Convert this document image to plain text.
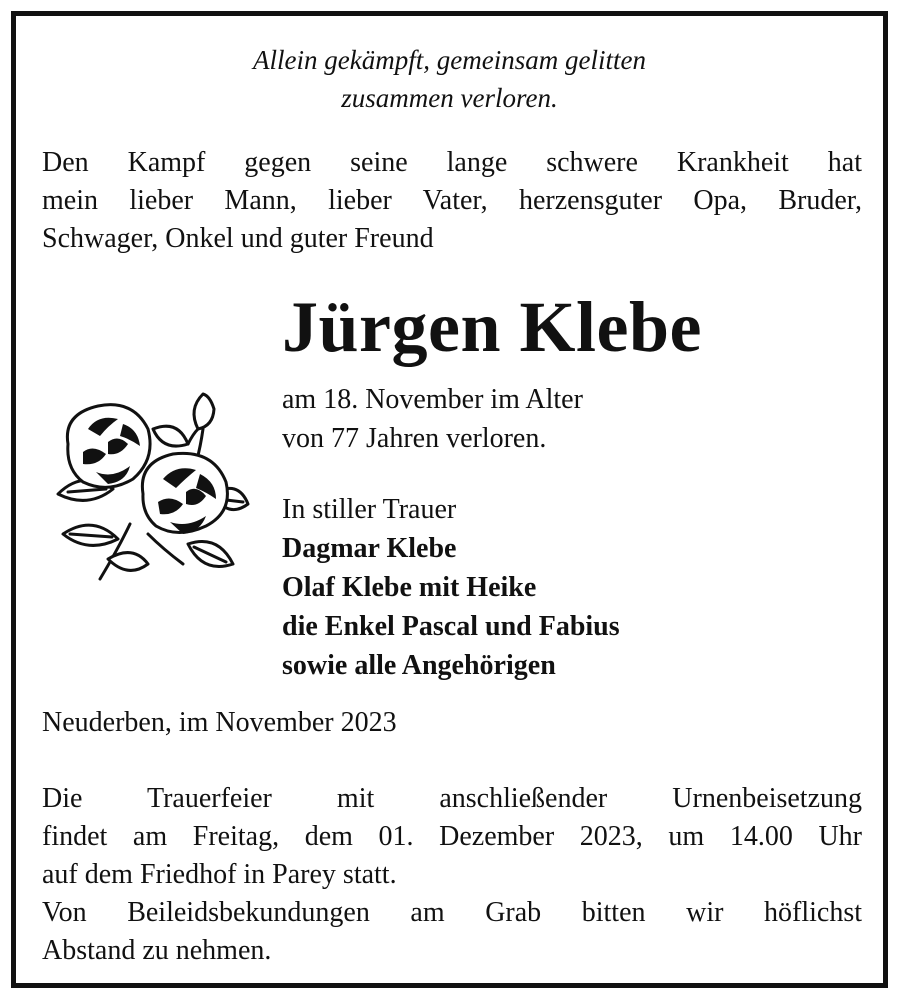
Allein gekämpft, gemeinsam gelitten
zusammen verloren.
Den Kampf gegen seine lange schwere Krankheit hat
mein lieber Mann, lieber Vater, herzensguter Opa, Bruder,
Schwager, Onkel und guter Freund
Jürgen Klebe
am 18. November im Alter
von 77 Jahren verloren.
In stiller Trauer
Dagmar Klebe
Olaf Klebe mit Heike
die Enkel Pascal und Fabius
sowie alle Angehörigen
Neuderben, im November 2023
Die Trauerfeier mit anschließender Urnenbeisetzung
findet am Freitag, dem 01. Dezember 2023, um 14.00 Uhr
auf dem Friedhof in Parey statt.
Von Beileidsbekundungen am Grab bitten wir höflichst
Abstand zu nehmen.
